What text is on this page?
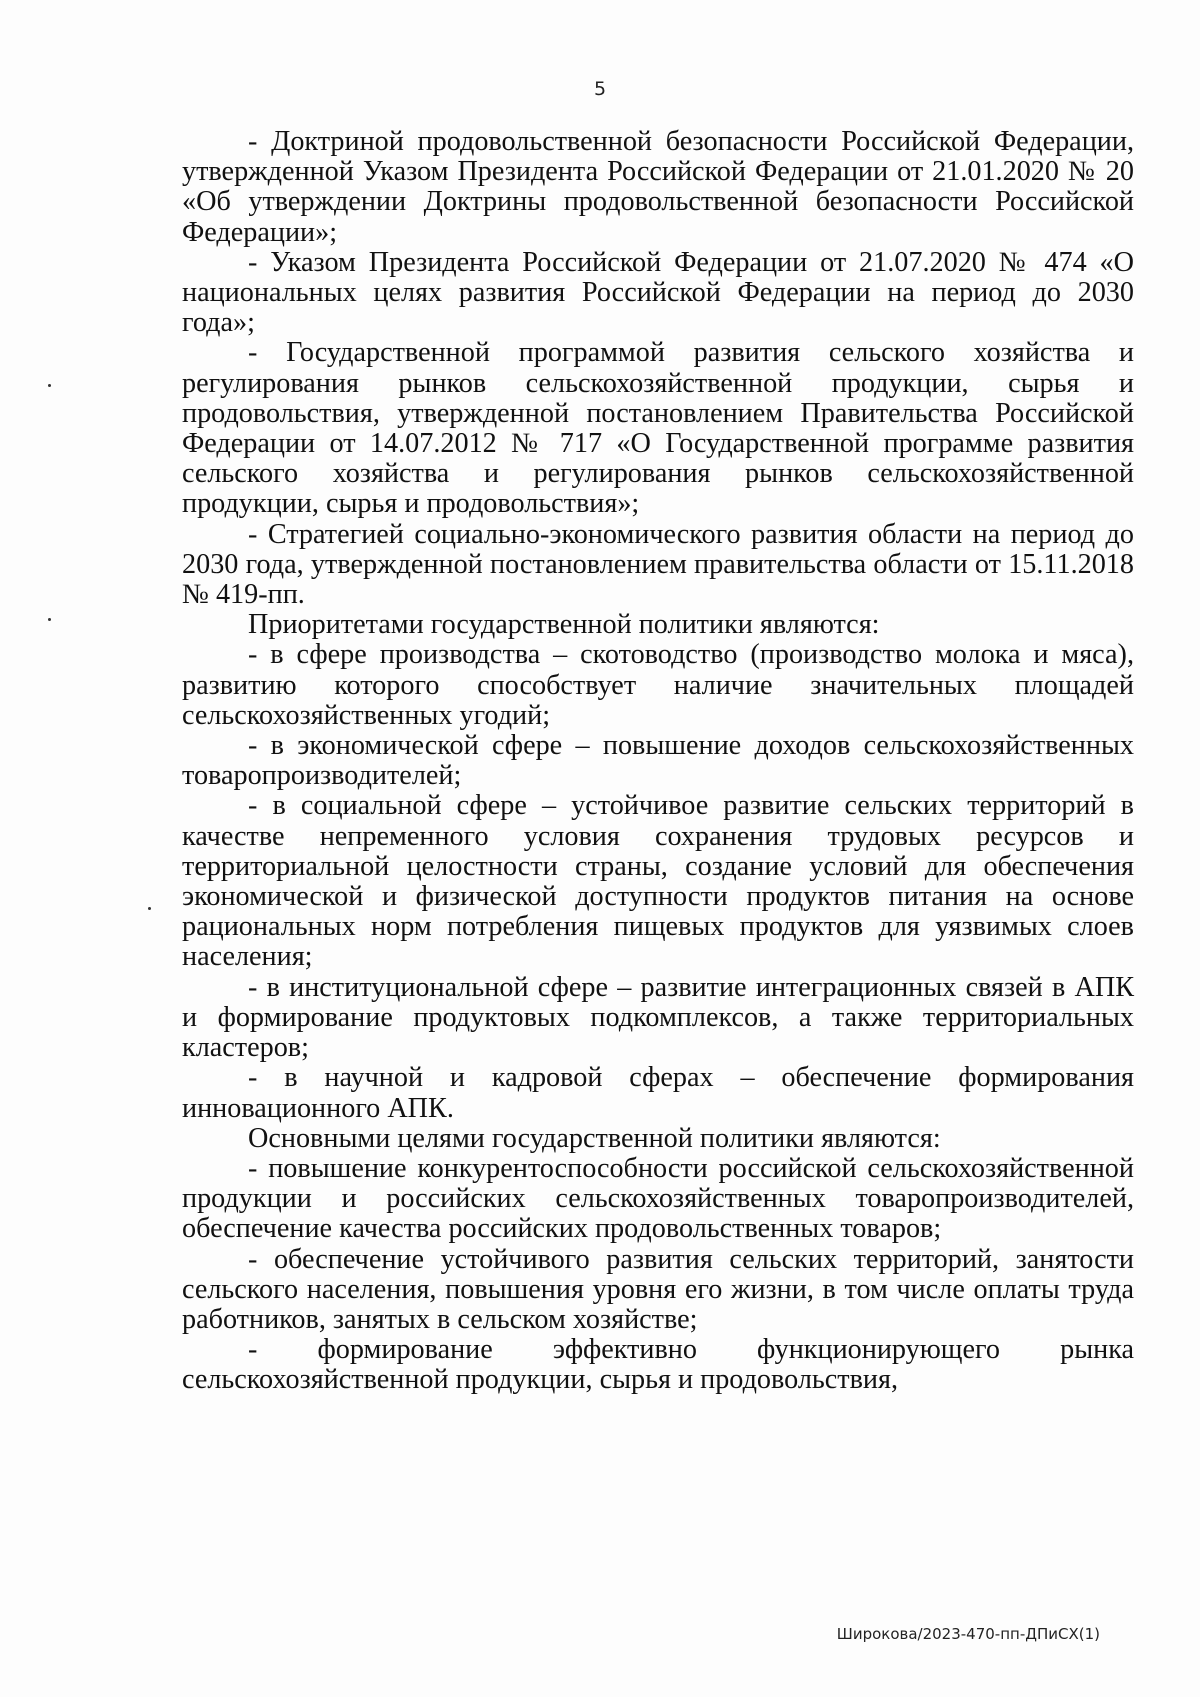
5

- Доктриной продовольственной безопасности Российской Федерации, утвержденной Указом Президента Российской Федерации от 21.01.2020 № 20 «Об утверждении Доктрины продовольственной безопасности Российской Федерации»;

- Указом Президента Российской Федерации от 21.07.2020 № 474 «О национальных целях развития Российской Федерации на период до 2030 года»;

- Государственной программой развития сельского хозяйства и регулирования рынков сельскохозяйственной продукции, сырья и продовольствия, утвержденной постановлением Правительства Российской Федерации от 14.07.2012 № 717 «О Государственной программе развития сельского хозяйства и регулирования рынков сельскохозяйственной продукции, сырья и продовольствия»;

- Стратегией социально-экономического развития области на период до 2030 года, утвержденной постановлением правительства области от 15.11.2018 № 419-пп.

Приоритетами государственной политики являются:

- в сфере производства – скотоводство (производство молока и мяса), развитию которого способствует наличие значительных площадей сельскохозяйственных угодий;

- в экономической сфере – повышение доходов сельскохозяйственных товаропроизводителей;

- в социальной сфере – устойчивое развитие сельских территорий в качестве непременного условия сохранения трудовых ресурсов и территориальной целостности страны, создание условий для обеспечения экономической и физической доступности продуктов питания на основе рациональных норм потребления пищевых продуктов для уязвимых слоев населения;

- в институциональной сфере – развитие интеграционных связей в АПК и формирование продуктовых подкомплексов, а также территориальных кластеров;

- в научной и кадровой сферах – обеспечение формирования инновационного АПК.

Основными целями государственной политики являются:

- повышение конкурентоспособности российской сельскохозяйственной продукции и российских сельскохозяйственных товаропроизводителей, обеспечение качества российских продовольственных товаров;

- обеспечение устойчивого развития сельских территорий, занятости сельского населения, повышения уровня его жизни, в том числе оплаты труда работников, занятых в сельском хозяйстве;

- формирование эффективно функционирующего рынка сельскохозяйственной продукции, сырья и продовольствия,

Широкова/2023-470-пп-ДПиСХ(1)
